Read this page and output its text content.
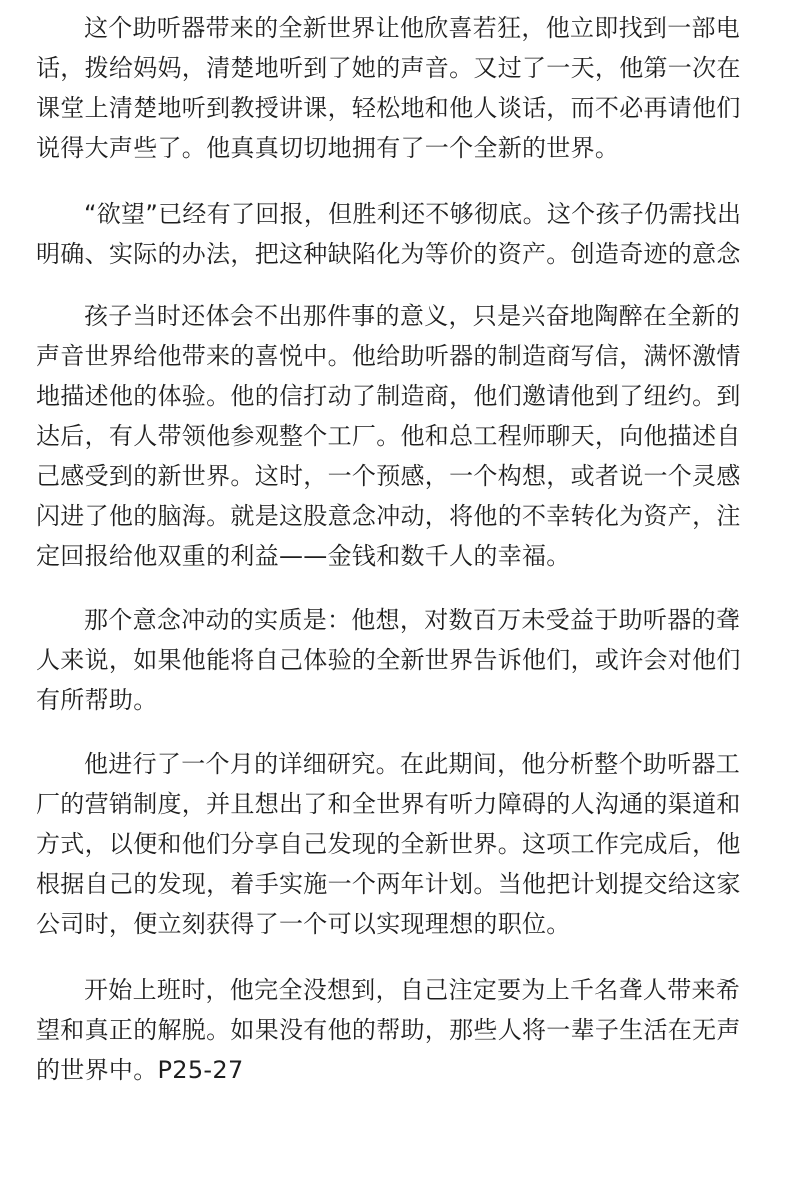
这个助听器带来的全新世界让他欣喜若狂，他立即找到一部电话，拨给妈妈，清楚地听到了她的声音。又过了一天，他第一次在课堂上清楚地听到教授讲课，轻松地和他人谈话，而不必再请他们说得大声些了。他真真切切地拥有了一个全新的世界。

“欲望”已经有了回报，但胜利还不够彻底。这个孩子仍需找出明确、实际的办法，把这种缺陷化为等价的资产。创造奇迹的意念

孩子当时还体会不出那件事的意义，只是兴奋地陶醉在全新的声音世界给他带来的喜悦中。他给助听器的制造商写信，满怀激情地描述他的体验。他的信打动了制造商，他们邀请他到了纽约。到达后，有人带领他参观整个工厂。他和总工程师聊天，向他描述自己感受到的新世界。这时，一个预感，一个构想，或者说一个灵感闪进了他的脑海。就是这股意念冲动，将他的不幸转化为资产，注定回报给他双重的利益——金钱和数千人的幸福。

那个意念冲动的实质是：他想，对数百万未受益于助听器的聋人来说，如果他能将自己体验的全新世界告诉他们，或许会对他们有所帮助。

他进行了一个月的详细研究。在此期间，他分析整个助听器工厂的营销制度，并且想出了和全世界有听力障碍的人沟通的渠道和方式，以便和他们分享自己发现的全新世界。这项工作完成后，他根据自己的发现，着手实施一个两年计划。当他把计划提交给这家公司时，便立刻获得了一个可以实现理想的职位。

开始上班时，他完全没想到，自己注定要为上千名聋人带来希望和真正的解脱。如果没有他的帮助，那些人将一辈子生活在无声的世界中。P25-27
